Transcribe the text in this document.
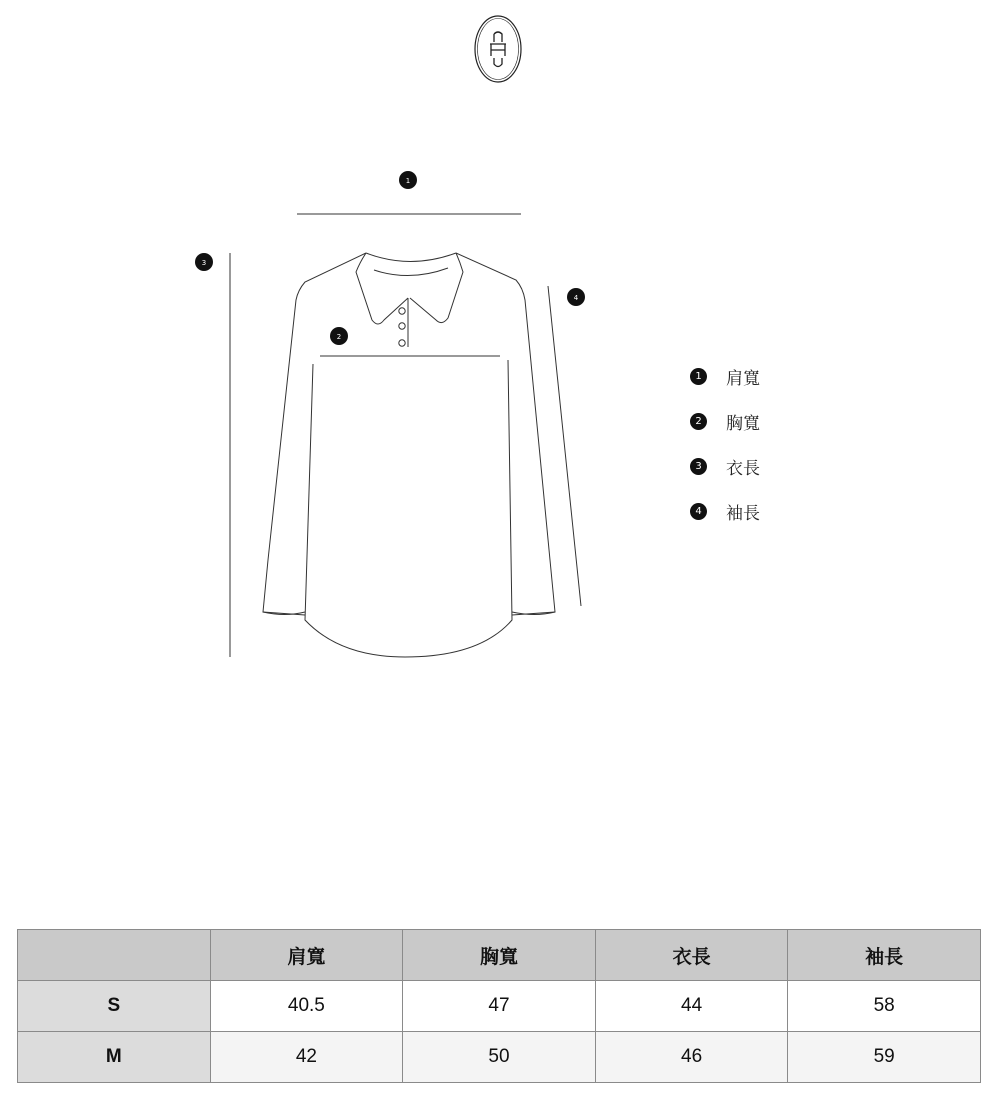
1
2
3
4
1	肩寬
2	胸寬
3	衣長
4	袖長
	肩寬	胸寬	衣長	袖長
S	40.5	47	44	58
M	42	50	46	59
